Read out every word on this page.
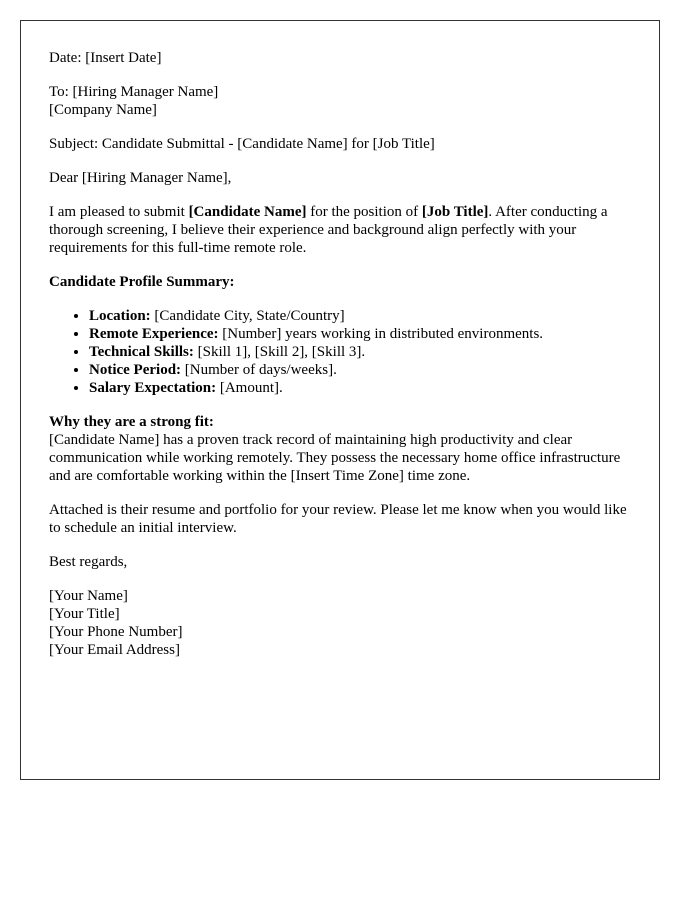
Date: [Insert Date]

To: [Hiring Manager Name]
[Company Name]

Subject: Candidate Submittal - [Candidate Name] for [Job Title]

Dear [Hiring Manager Name],

I am pleased to submit [Candidate Name] for the position of [Job Title]. After conducting a thorough screening, I believe their experience and background align perfectly with your requirements for this full-time remote role.

Candidate Profile Summary:

• Location: [Candidate City, State/Country]
• Remote Experience: [Number] years working in distributed environments.
• Technical Skills: [Skill 1], [Skill 2], [Skill 3].
• Notice Period: [Number of days/weeks].
• Salary Expectation: [Amount].

Why they are a strong fit:
[Candidate Name] has a proven track record of maintaining high productivity and clear communication while working remotely. They possess the necessary home office infrastructure and are comfortable working within the [Insert Time Zone] time zone.

Attached is their resume and portfolio for your review. Please let me know when you would like to schedule an initial interview.

Best regards,

[Your Name]
[Your Title]
[Your Phone Number]
[Your Email Address]
